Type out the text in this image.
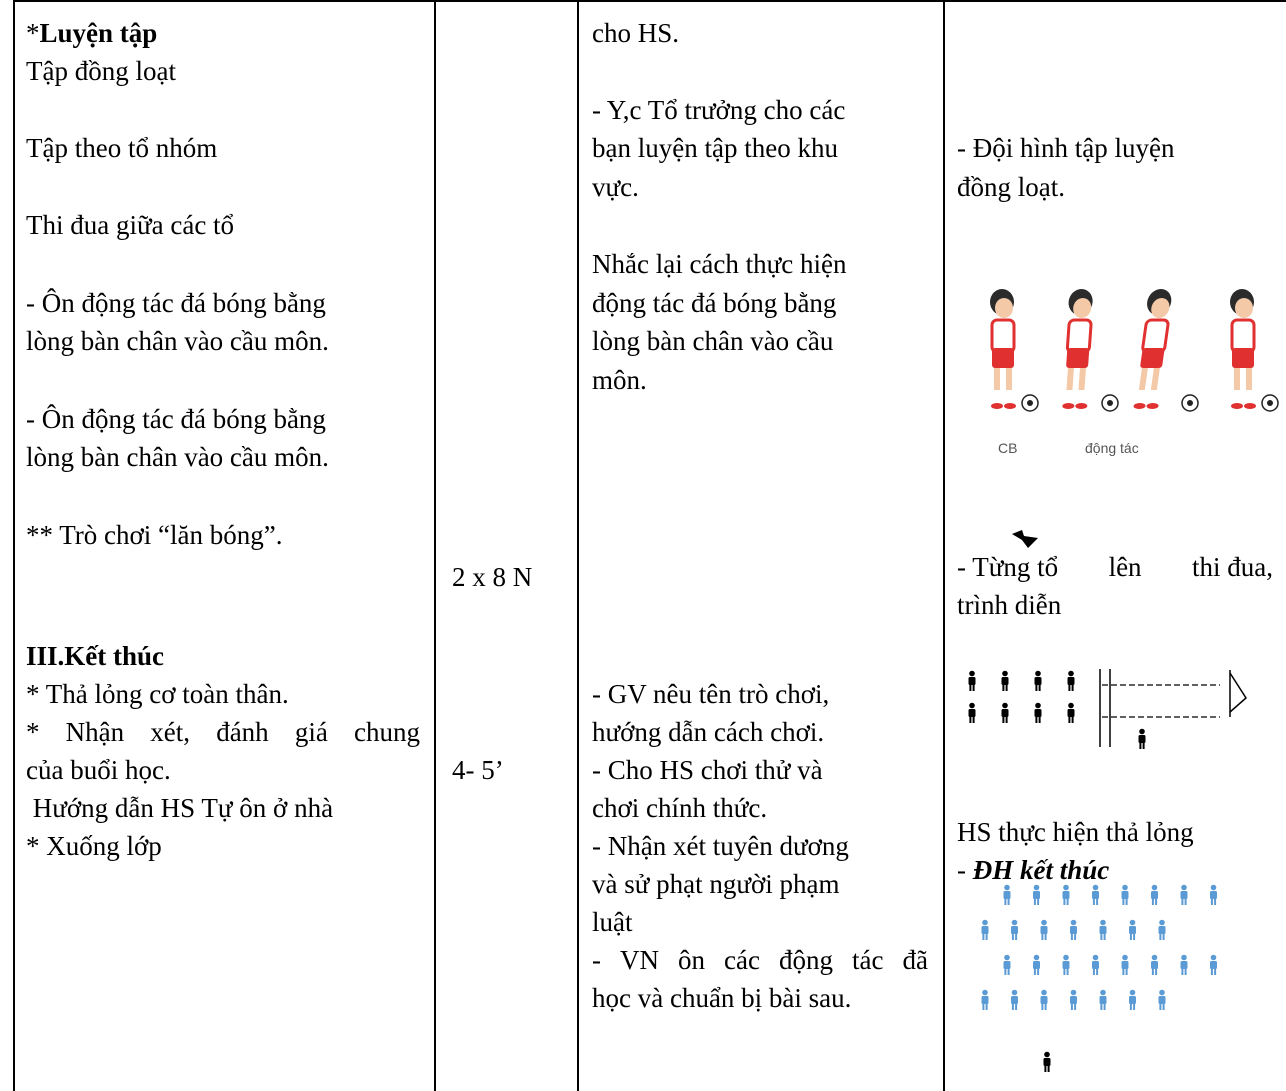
*Luyện tập
Tập đồng loạt
Tập theo tổ nhóm
Thi đua giữa các tổ
- Ôn động tác đá bóng bằng
lòng bàn chân vào cầu môn.
- Ôn động tác đá bóng bằng
lòng bàn chân vào cầu môn.
** Trò chơi “lăn bóng”.
III.Kết thúc
* Thả lỏng cơ toàn thân.
* Nhận xét, đánh giá chung
của buổi học.
Hướng dẫn HS Tự ôn ở nhà
* Xuống lớp
2 x 8 N
4- 5’
cho HS.
- Y,c Tổ trưởng cho các
bạn luyện tập theo khu
vực.
Nhắc lại cách thực hiện
động tác đá bóng bằng
lòng bàn chân vào cầu
môn.
- GV nêu tên trò chơi,
hướng dẫn cách chơi.
- Cho HS chơi thử và
chơi chính thức.
- Nhận xét tuyên dương
và sử phạt người phạm
luật
- VN ôn các động tác đã
học và chuẩn bị bài sau.
- Đội hình tập luyện
đồng loạt.
CB	động tác
- Từng tổ lên thi đua,
trình diễn
HS thực hiện thả lỏng
- ĐH kết thúc
